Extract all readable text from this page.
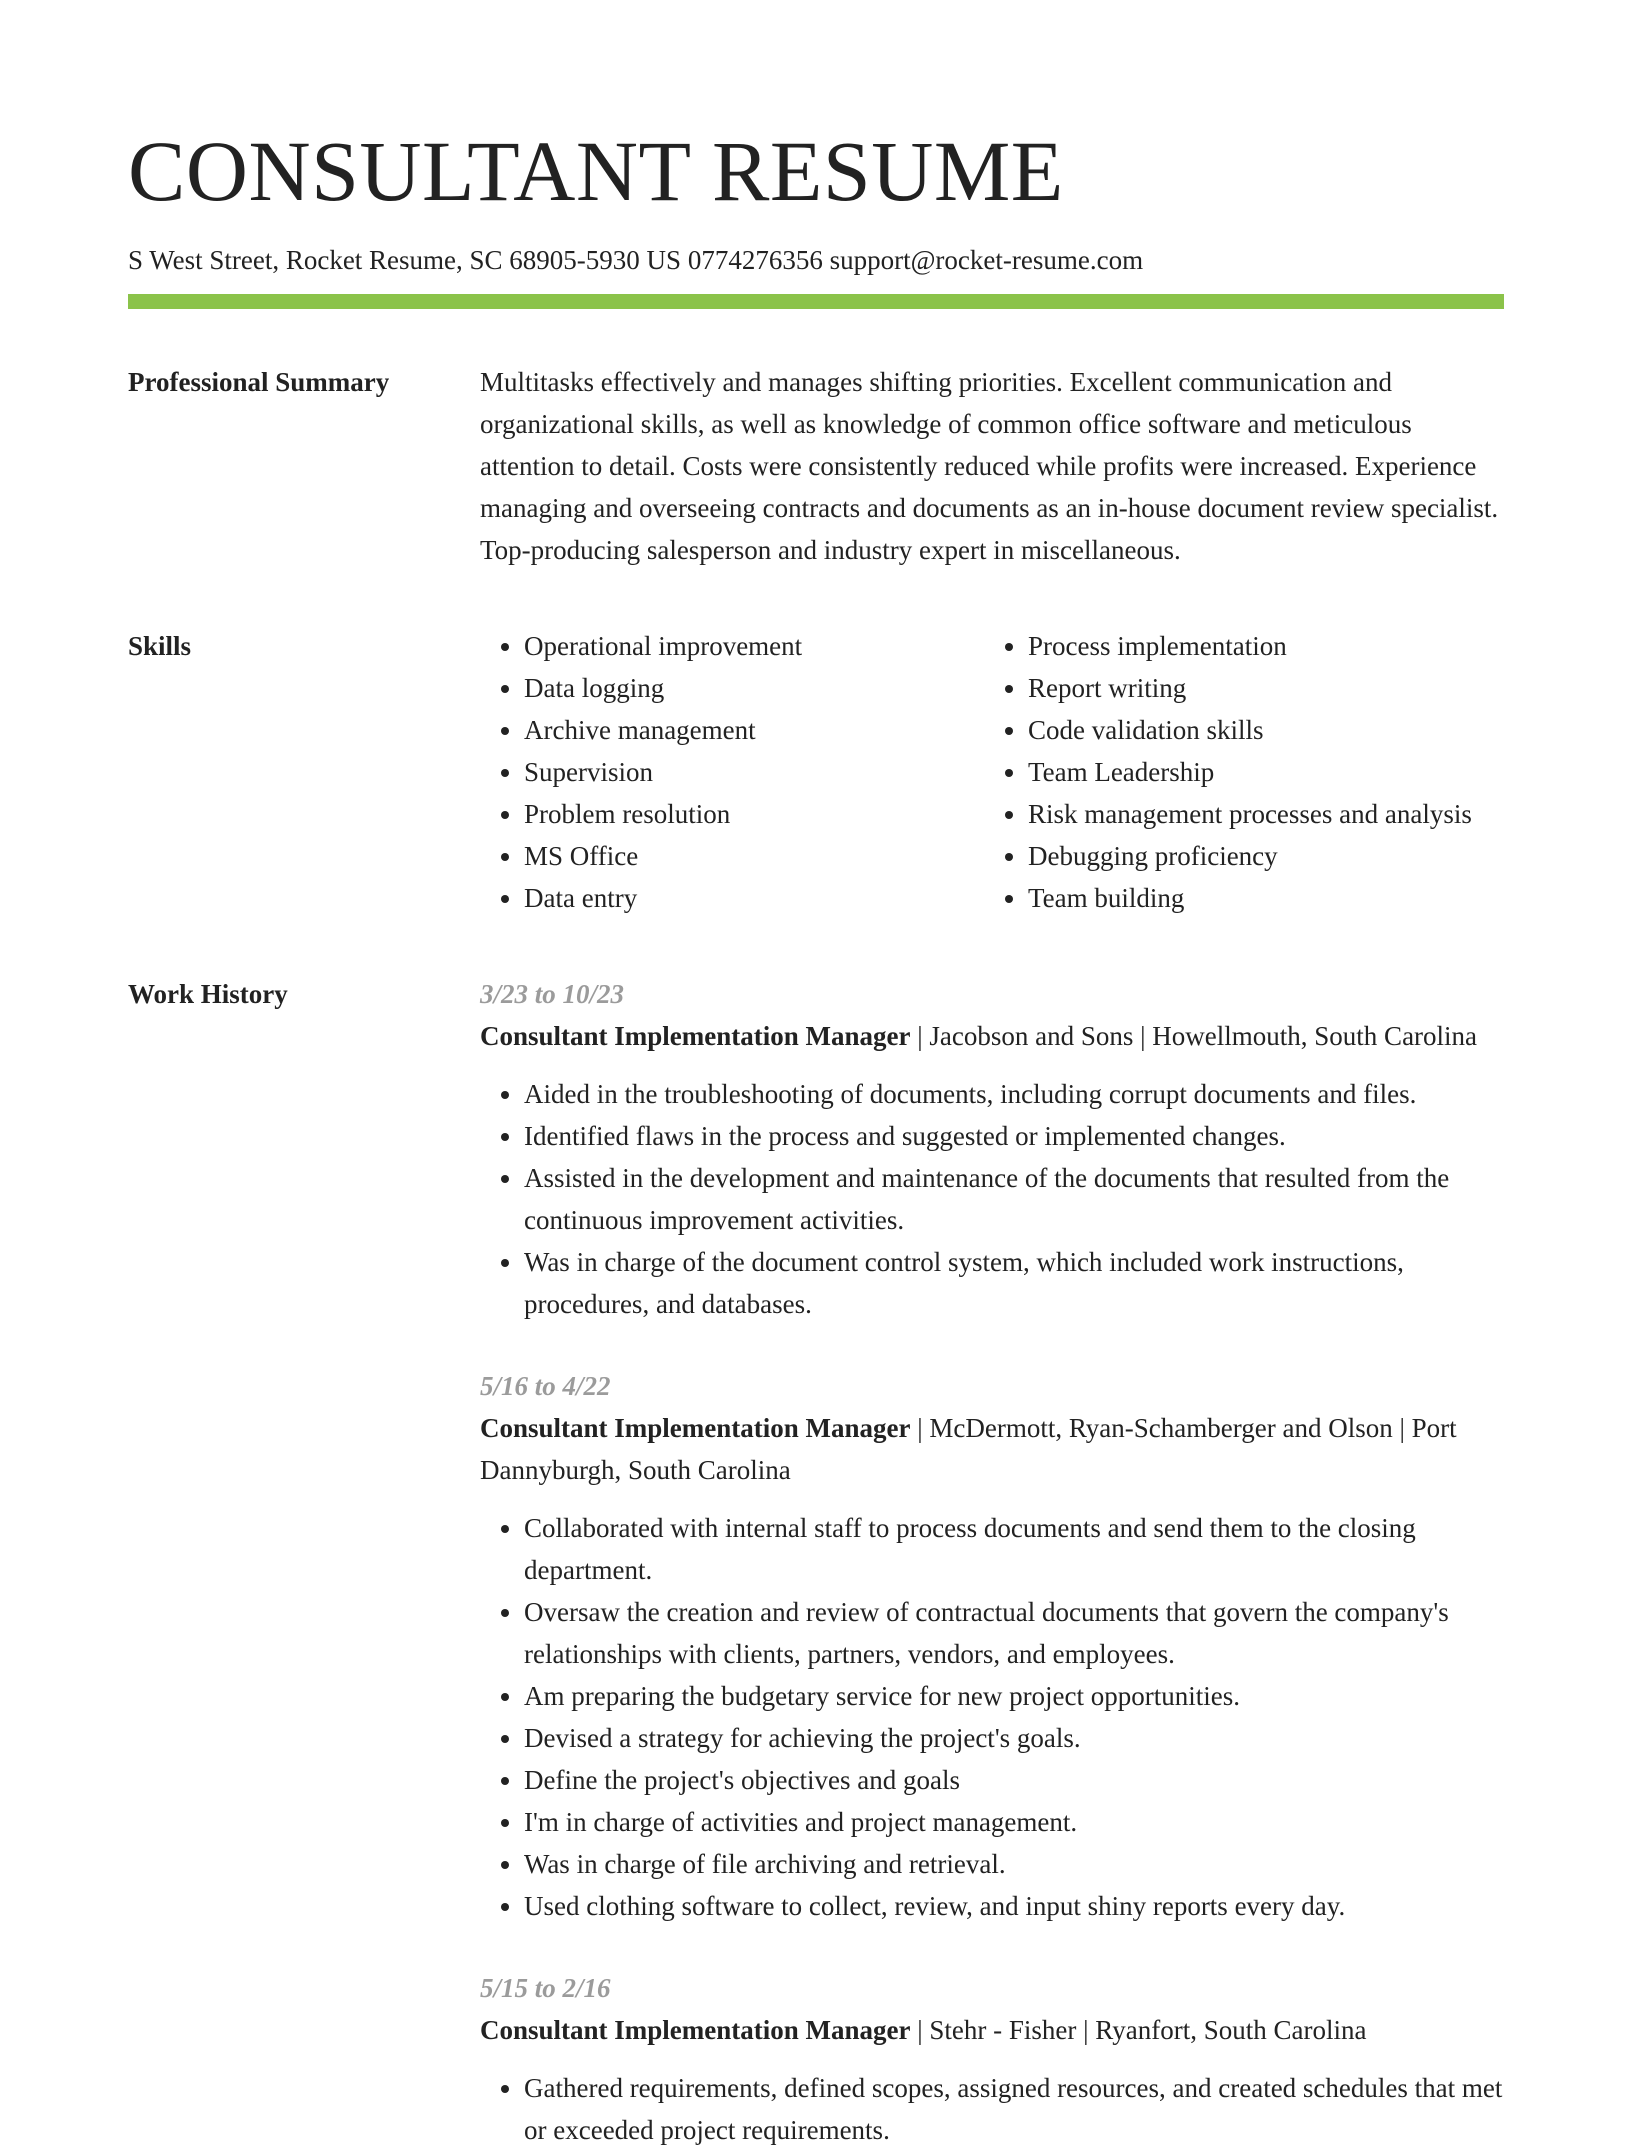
CONSULTANT RESUME
S West Street, Rocket Resume, SC 68905-5930 US 0774276356 support@rocket-resume.com
Professional Summary	Multitasks effectively and manages shifting priorities. Excellent communication and organizational skills, as well as knowledge of common office software and meticulous attention to detail. Costs were consistently reduced while profits were increased. Experience managing and overseeing contracts and documents as an in-house document review specialist. Top-producing salesperson and industry expert in miscellaneous.

Skills
•	Operational improvement
• Data logging
• Archive management
• Supervision
• Problem resolution
• MS Office
• Data entry
• Process implementation
• Report writing
• Code validation skills
• Team Leadership
• Risk management processes and analysis
• Debugging proficiency
• Team building
Work History	3/23 to 10/23
Consultant Implementation Manager | Jacobson and Sons | Howellmouth, South Carolina
• Aided in the troubleshooting of documents, including corrupt documents and files.
• Identified flaws in the process and suggested or implemented changes.
• Assisted in the development and maintenance of the documents that resulted from the continuous improvement activities.
• Was in charge of the document control system, which included work instructions, procedures, and databases.
5/16 to 4/22
Consultant Implementation Manager | McDermott, Ryan-Schamberger and Olson | Port Dannyburgh, South Carolina
• Collaborated with internal staff to process documents and send them to the closing department.
• Oversaw the creation and review of contractual documents that govern the company's relationships with clients, partners, vendors, and employees.
• Am preparing the budgetary service for new project opportunities.
• Devised a strategy for achieving the project's goals.
• Define the project's objectives and goals
• I'm in charge of activities and project management.
• Was in charge of file archiving and retrieval.
• Used clothing software to collect, review, and input shiny reports every day.
5/15 to 2/16
Consultant Implementation Manager | Stehr - Fisher | Ryanfort, South Carolina
• Gathered requirements, defined scopes, assigned resources, and created schedules that met or exceeded project requirements.
